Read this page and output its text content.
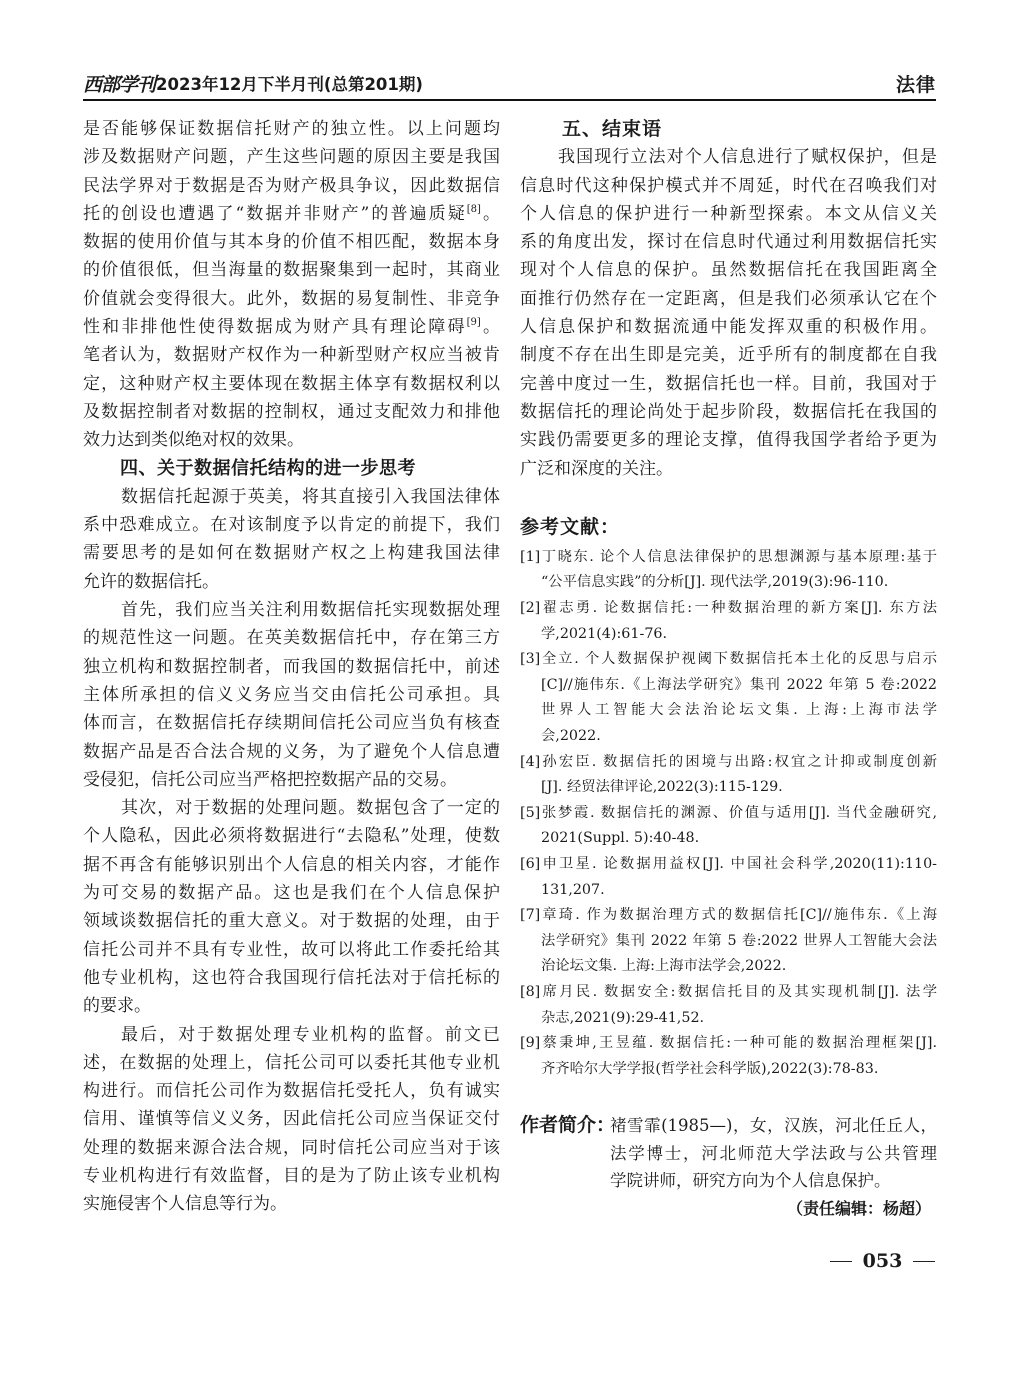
西部学刊 2023年12月下半月刊(总第201期)	法律
是否能够保证数据信托财产的独立性。以上问题均
涉及数据财产问题，产生这些问题的原因主要是我国
民法学界对于数据是否为财产极具争议，因此数据信
托的创设也遭遇了“数据并非财产”的普遍质疑[8]。
数据的使用价值与其本身的价值不相匹配，数据本身
的价值很低，但当海量的数据聚集到一起时，其商业
价值就会变得很大。此外，数据的易复制性、非竞争
性和非排他性使得数据成为财产具有理论障碍[9]。
笔者认为，数据财产权作为一种新型财产权应当被肯
定，这种财产权主要体现在数据主体享有数据权利以
及数据控制者对数据的控制权，通过支配效力和排他
效力达到类似绝对权的效果。
四、关于数据信托结构的进一步思考
数据信托起源于英美，将其直接引入我国法律体
系中恐难成立。在对该制度予以肯定的前提下，我们
需要思考的是如何在数据财产权之上构建我国法律
允许的数据信托。
首先，我们应当关注利用数据信托实现数据处理
的规范性这一问题。在英美数据信托中，存在第三方
独立机构和数据控制者，而我国的数据信托中，前述
主体所承担的信义义务应当交由信托公司承担。具
体而言，在数据信托存续期间信托公司应当负有核查
数据产品是否合法合规的义务，为了避免个人信息遭
受侵犯，信托公司应当严格把控数据产品的交易。
其次，对于数据的处理问题。数据包含了一定的
个人隐私，因此必须将数据进行“去隐私”处理，使数
据不再含有能够识别出个人信息的相关内容，才能作
为可交易的数据产品。这也是我们在个人信息保护
领域谈数据信托的重大意义。对于数据的处理，由于
信托公司并不具有专业性，故可以将此工作委托给其
他专业机构，这也符合我国现行信托法对于信托标的
的要求。
最后，对于数据处理专业机构的监督。前文已
述，在数据的处理上，信托公司可以委托其他专业机
构进行。而信托公司作为数据信托受托人，负有诚实
信用、谨慎等信义义务，因此信托公司应当保证交付
处理的数据来源合法合规，同时信托公司应当对于该
专业机构进行有效监督，目的是为了防止该专业机构
实施侵害个人信息等行为。
五、结束语
我国现行立法对个人信息进行了赋权保护，但是
信息时代这种保护模式并不周延，时代在召唤我们对
个人信息的保护进行一种新型探索。本文从信义关
系的角度出发，探讨在信息时代通过利用数据信托实
现对个人信息的保护。虽然数据信托在我国距离全
面推行仍然存在一定距离，但是我们必须承认它在个
人信息保护和数据流通中能发挥双重的积极作用。
制度不存在出生即是完美，近乎所有的制度都在自我
完善中度过一生，数据信托也一样。目前，我国对于
数据信托的理论尚处于起步阶段，数据信托在我国的
实践仍需要更多的理论支撑，值得我国学者给予更为
广泛和深度的关注。
参考文献：
[1]丁晓东. 论个人信息法律保护的思想渊源与基本原理:基于
“公平信息实践”的分析[J]. 现代法学,2019(3):96-110.
[2]翟志勇. 论数据信托:一种数据治理的新方案[J]. 东方法
学,2021(4):61-76.
[3]全立. 个人数据保护视阈下数据信托本土化的反思与启示
[C]//施伟东.《上海法学研究》集刊 2022 年第 5 卷:2022
世界人工智能大会法治论坛文集. 上海:上海市法学
会,2022.
[4]孙宏臣. 数据信托的困境与出路:权宜之计抑或制度创新
[J]. 经贸法律评论,2022(3):115-129.
[5]张梦霞. 数据信托的渊源、价值与适用[J]. 当代金融研究,
2021(Suppl. 5):40-48.
[6]申卫星. 论数据用益权[J]. 中国社会科学,2020(11):110-
131,207.
[7]章琦. 作为数据治理方式的数据信托[C]//施伟东.《上海
法学研究》集刊 2022 年第 5 卷:2022 世界人工智能大会法
治论坛文集. 上海:上海市法学会,2022.
[8]席月民. 数据安全:数据信托目的及其实现机制[J]. 法学
杂志,2021(9):29-41,52.
[9]蔡秉坤,王昱蕴. 数据信托:一种可能的数据治理框架[J].
齐齐哈尔大学学报(哲学社会科学版),2022(3):78-83.
作者简介：
褚雪霏(1985—)，女，汉族，河北任丘人，
法学博士，河北师范大学法政与公共管理
学院讲师，研究方向为个人信息保护。
（责任编辑：杨超）
053
